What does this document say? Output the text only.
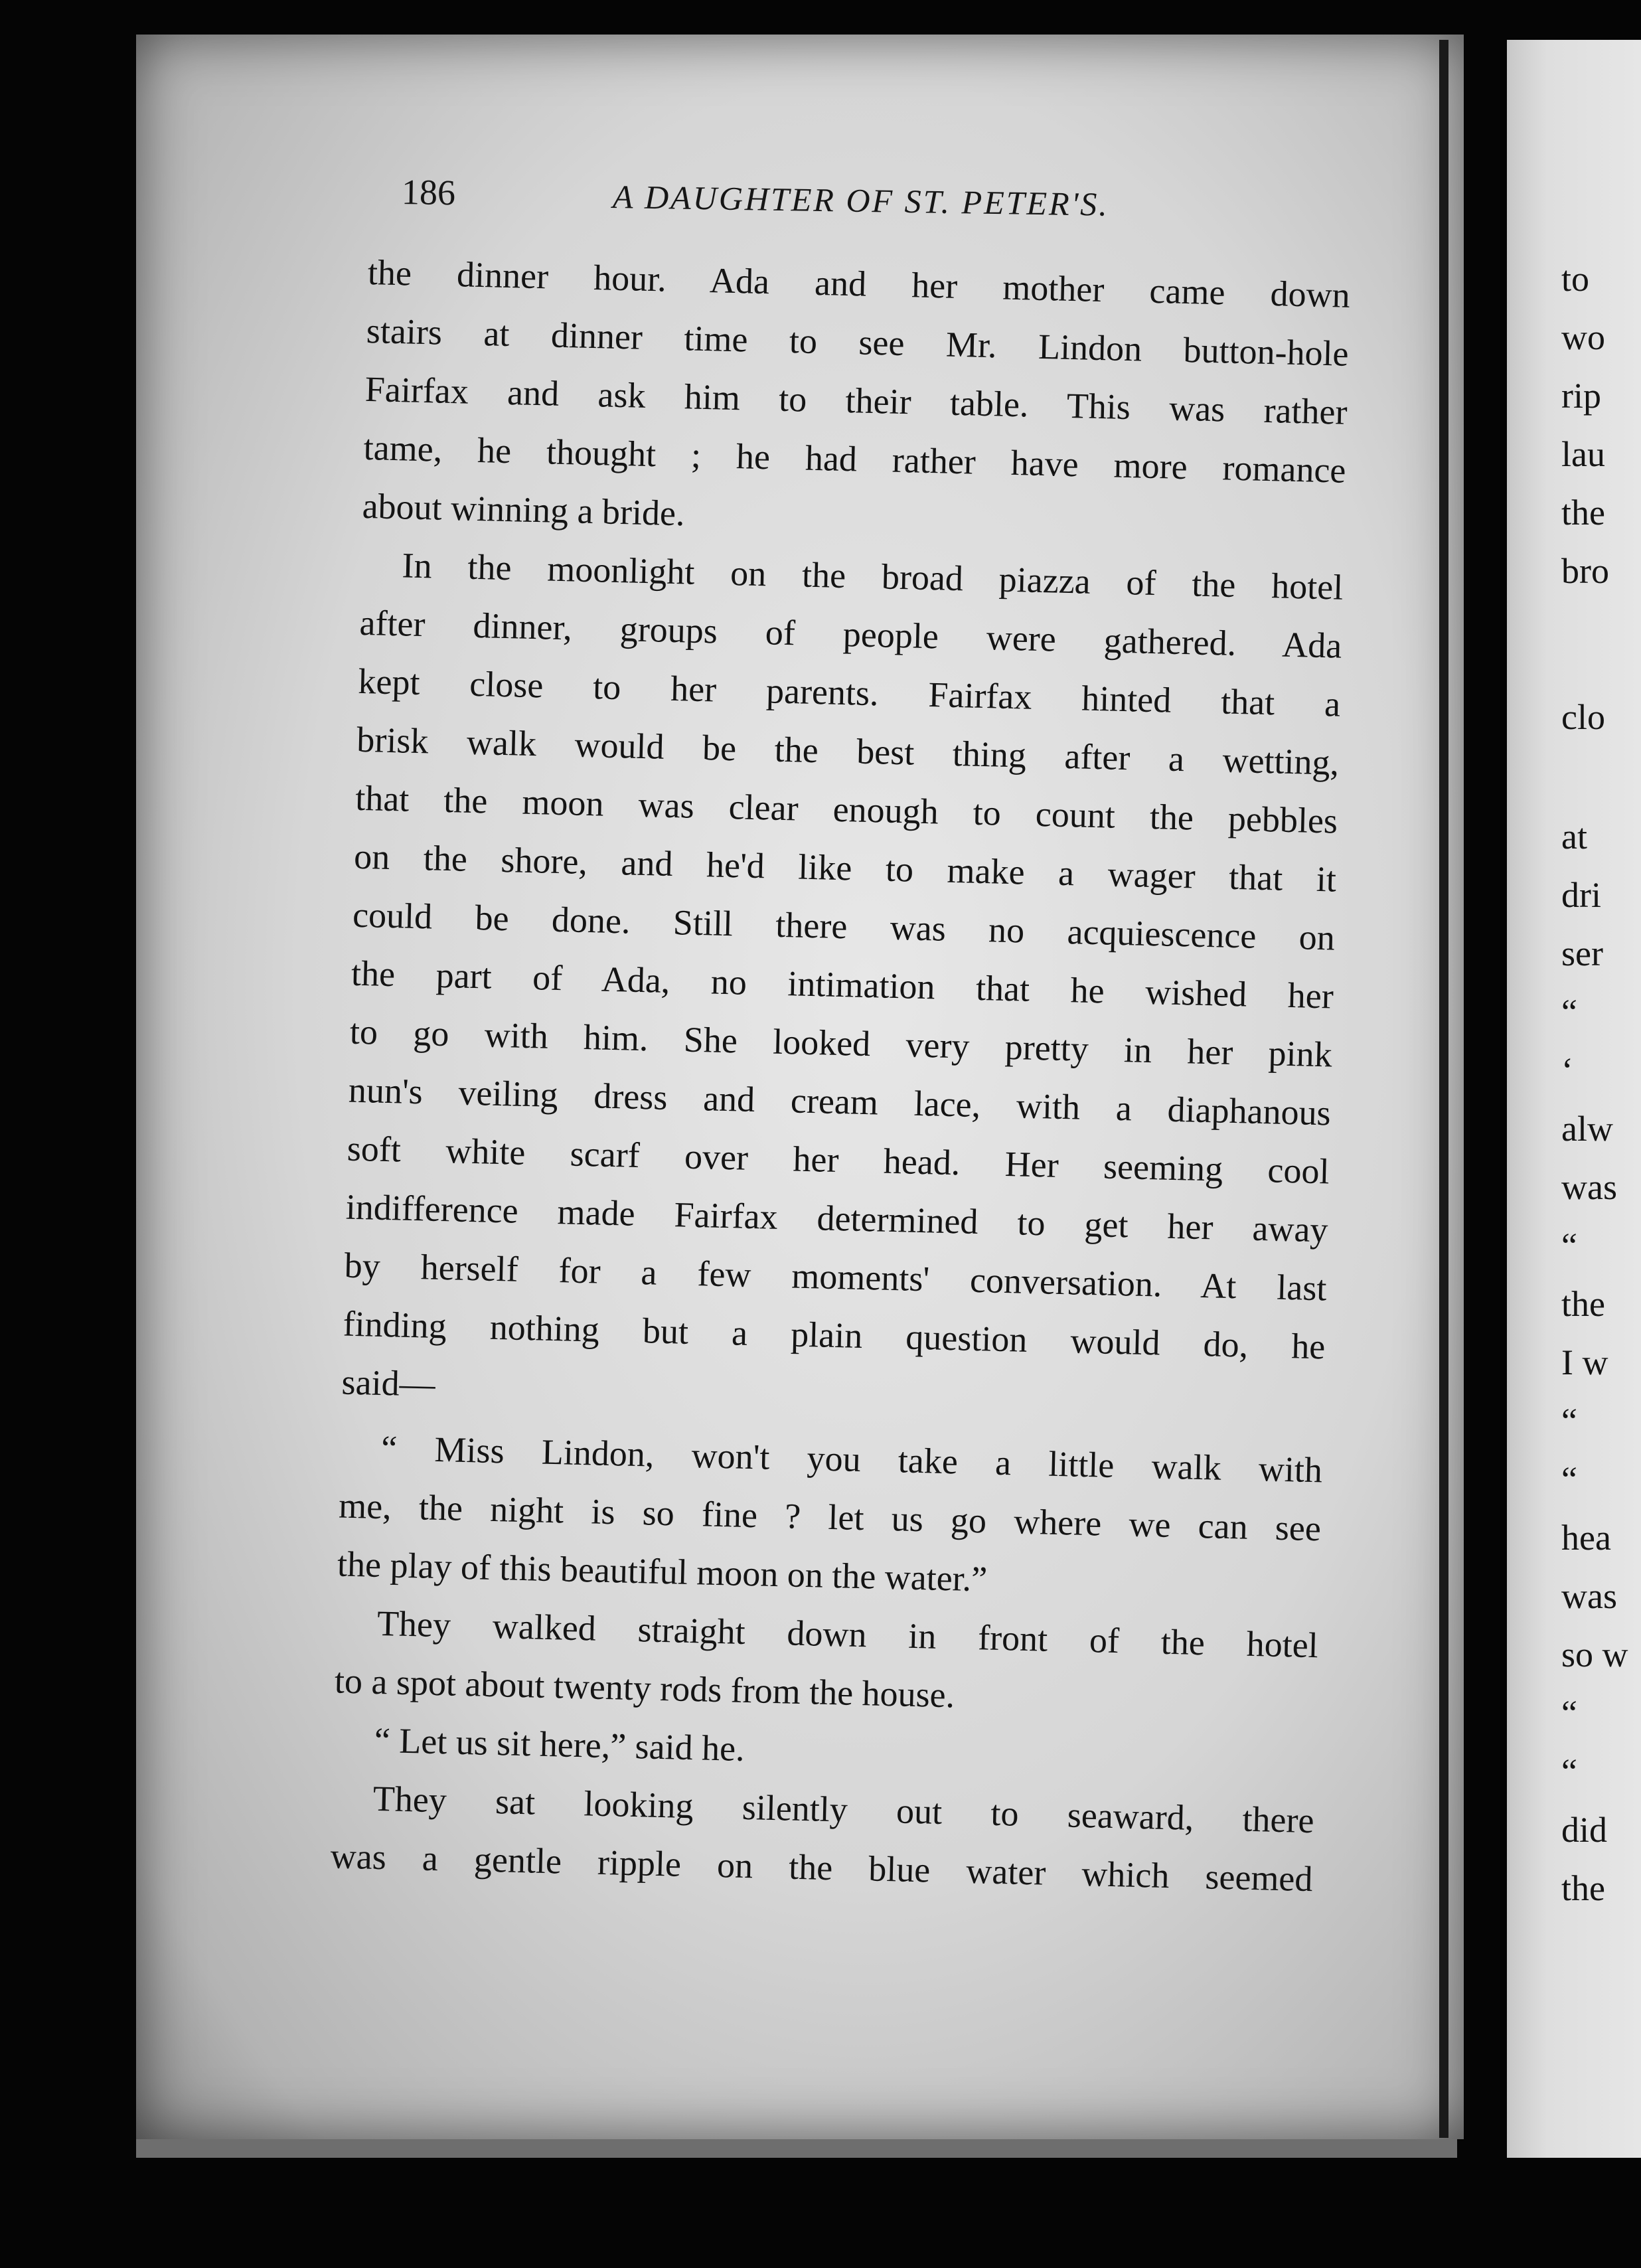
186	A DAUGHTER OF ST. PETER'S.
the dinner hour. Ada and her mother came down
stairs at dinner time to see Mr. Lindon button-hole
Fairfax and ask him to their table. This was rather
tame, he thought ; he had rather have more romance
about winning a bride.
In the moonlight on the broad piazza of the hotel
after dinner, groups of people were gathered. Ada
kept close to her parents. Fairfax hinted that a
brisk walk would be the best thing after a wetting,
that the moon was clear enough to count the pebbles
on the shore, and he'd like to make a wager that it
could be done. Still there was no acquiescence on
the part of Ada, no intimation that he wished her
to go with him. She looked very pretty in her pink
nun's veiling dress and cream lace, with a diaphanous
soft white scarf over her head. Her seeming cool
indifference made Fairfax determined to get her away
by herself for a few moments' conversation. At last
finding nothing but a plain question would do, he
said—
“ Miss Lindon, won't you take a little walk with
me, the night is so fine ? let us go where we can see
the play of this beautiful moon on the water.”
They walked straight down in front of the hotel
to a spot about twenty rods from the house.
“ Let us sit here,” said he.
They sat looking silently out to seaward, there
was a gentle ripple on the blue water which seemed
to
wo
rip
lau
the
bro
clo
at
dri
ser
“
‘
alw
was
“
the
I w
“
“
hea
was
so w
“
“
did
the
